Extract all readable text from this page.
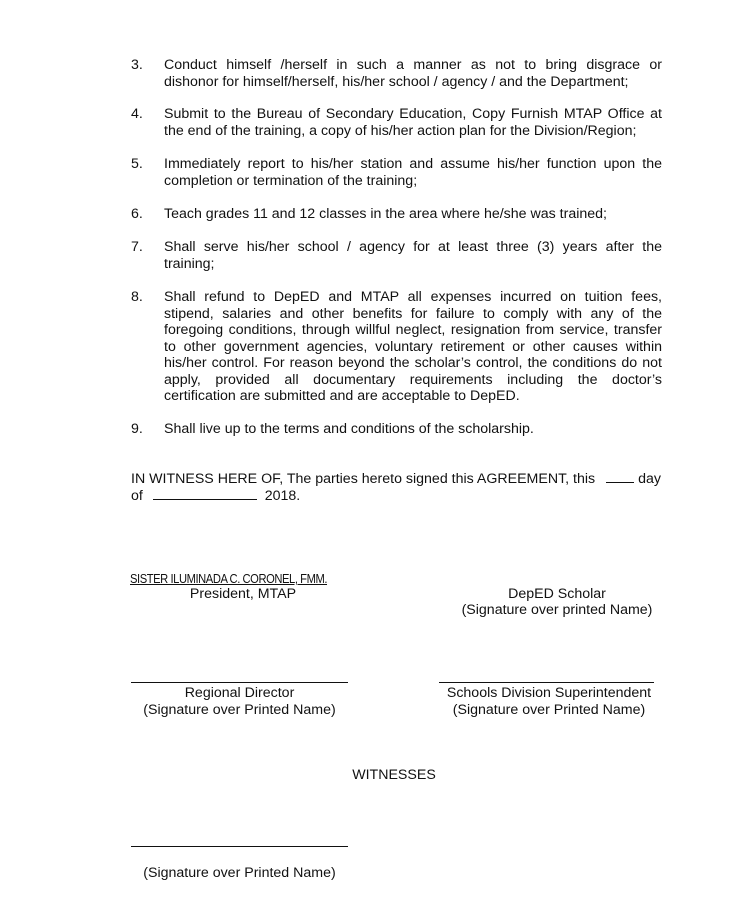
3.	Conduct himself /herself in such a manner as not to bring disgrace or
dishonor for himself/herself, his/her school / agency / and the Department;
4.	Submit to the Bureau of Secondary Education, Copy Furnish MTAP Office at
the end of the training, a copy of his/her action plan for the Division/Region;
5.	Immediately report to his/her station and assume his/her function upon the
completion or termination of the training;
6.	Teach grades 11 and 12 classes in the area where he/she was trained;
7.	Shall serve his/her school / agency for at least three (3) years after the
training;
8.	Shall refund to DepED and MTAP all expenses incurred on tuition fees,
stipend, salaries and other benefits for failure to comply with any of the
foregoing conditions, through willful neglect, resignation from service, transfer
to other government agencies, voluntary retirement or other causes within
his/her control. For reason beyond the scholar’s control, the conditions do not
apply, provided all documentary requirements including the doctor’s
certification are submitted and are acceptable to DepED.
9.	Shall live up to the terms and conditions of the scholarship.
IN WITNESS HERE OF, The parties hereto signed this AGREEMENT, this	day
of	2018.
SISTER ILUMINADA C. CORONEL, FMM.
President, MTAP	DepED Scholar
(Signature over printed Name)
Regional Director
(Signature over Printed Name)
Schools Division Superintendent
(Signature over Printed Name)
WITNESSES
(Signature over Printed Name)
